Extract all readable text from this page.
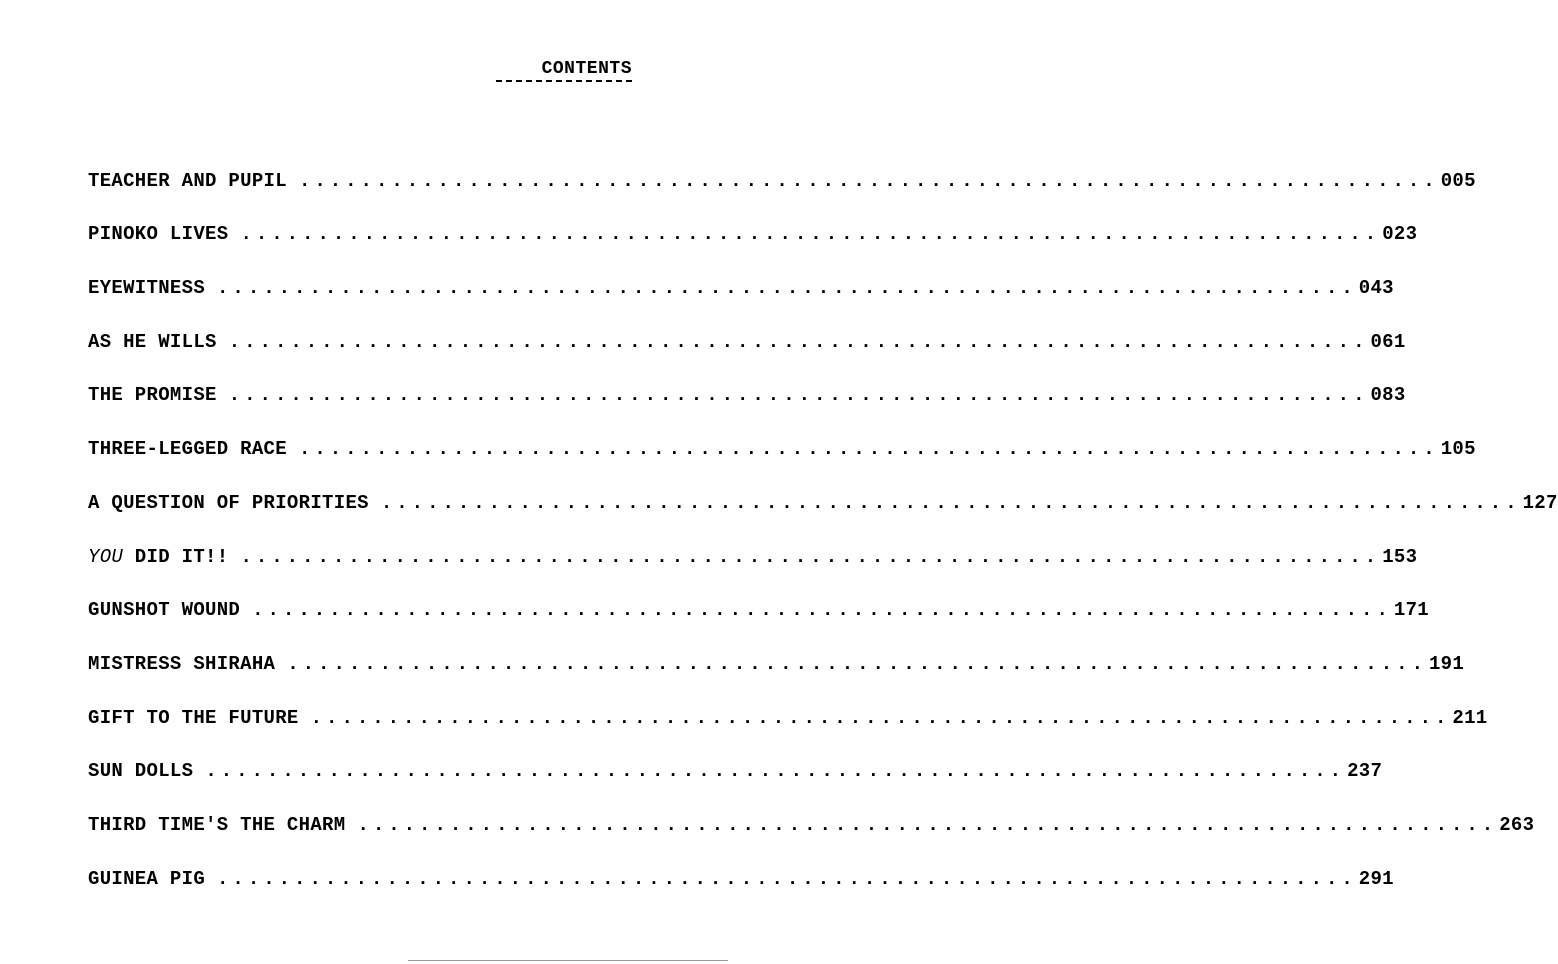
CONTENTS
TEACHER AND PUPIL .......................................................................... 005
PINOKO LIVES .......................................................................... 023
EYEWITNESS .......................................................................... 043
AS HE WILLS .......................................................................... 061
THE PROMISE .......................................................................... 083
THREE-LEGGED RACE .......................................................................... 105
A QUESTION OF PRIORITIES .......................................................................... 127
YOU DID IT!! .......................................................................... 153
GUNSHOT WOUND .......................................................................... 171
MISTRESS SHIRAHA .......................................................................... 191
GIFT TO THE FUTURE .......................................................................... 211
SUN DOLLS .......................................................................... 237
THIRD TIME'S THE CHARM .......................................................................... 263
GUINEA PIG .......................................................................... 291
